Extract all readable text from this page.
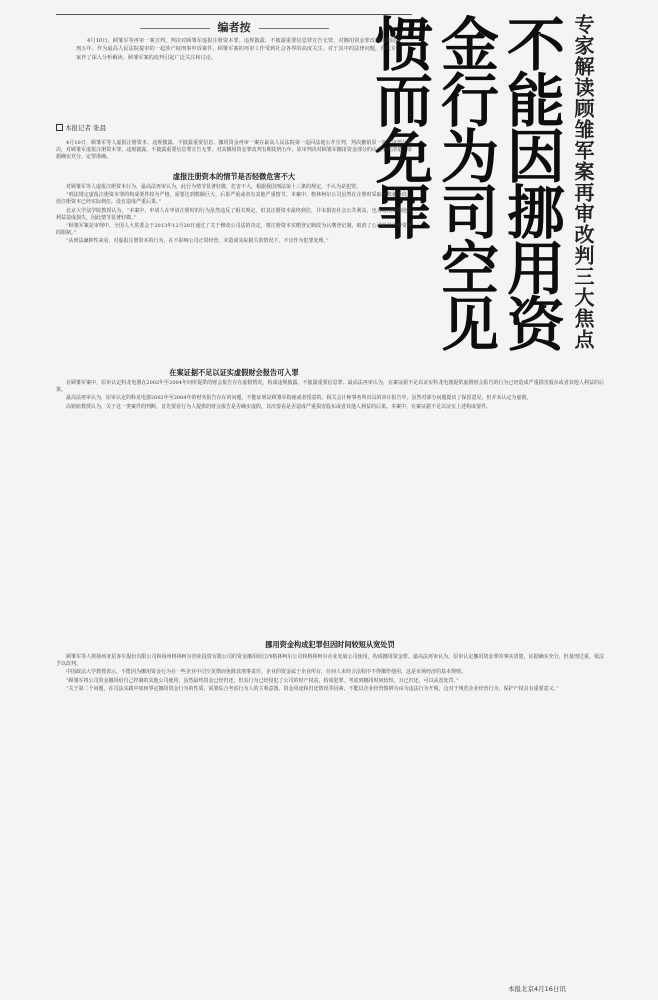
专家解读顾雏军案再审改判三大焦点
不能因挪用资金行为司空见惯而免罪
编者按
4月10日，顾雏军等再审一案宣判，判决对顾雏军虚报注册资本罪、违规披露、不披露重要信息罪宣告无罪，对挪用资金罪改判有期徒刑五年。作为最高人民法院提审的一起涉产权刑事申诉案件，顾雏军案的再审工作受到社会各界的高度关注。对于其中的法律问题，有关专家作了深入分析解读。顾雏军案的改判引起广泛关注和讨论。
本报记者 张晨

4月10日，顾雏军等人虚报注册资本、违规披露、不披露重要信息、挪用资金再审一案在最高人民法院第一巡回法庭公开宣判，判决撤销原一审二审部分判决，对顾雏军虚报注册资本罪、违规披露、不披露重要信息罪宣告无罪，对其挪用资金罪改判有期徒刑五年。原审判决对顾雏军挪用资金部分的认定事实清楚，证据确实充分，定罪准确。

虚报注册资本的情节是否轻微危害不大

对顾雏军等人虚报注册资本行为，最高法再审认为，此行为情节显著轻微，危害不大，根据我国刑法第十三条的规定，不认为是犯罪。

“刑法规定虚报注册资本罪的构成要件较为严格，需要达到数额巨大、后果严重或者有其他严重情节。本案中，格林柯尔公司虽然在注册时采取了欺骗手段，但注册资本已经实际到位，没有造成严重后果。”

北京大学法学院教授认为，“本案中，申请人在申请注册时的行为虽然违反了相关规定，但其注册资本最终到位，并未损害社会公共利益，也未给国家和他人利益造成损失，因此情节显著轻微。”

“顾雏军案是审理中，全国人大常委会于2013年12月28日通过了关于修改公司法的决定，将注册资本实缴登记制改为认缴登记制，取消了公司最低注册资本的限制。”

“从刑法谦抑性来看，对虚报注册资本的行为，在不影响公司正常经营、未造成实际损失的情况下，不宜作为犯罪处理。”

在案证据不足以证实虚假财会报告可入罪

在顾雏军案中，原审认定科龙电器在2002年至2004年间所提供的财会报告存在虚假情况，构成违规披露、不披露重要信息罪。最高法再审认为，在案证据不足以证实科龙电器提供虚假财会报告的行为已经造成严重损害股东或者其他人利益的后果。

最高法再审认为，原审认定的科龙电器2002年至2004年的财务报告存在的问题，不能证明是顾雏军指使或者授意的。相关会计师事务所出具的审计报告中，虽然对部分问题提出了保留意见，但并未认定为虚假。

高铭暄教授认为，关于这一类案件的判断，首先要看行为人提供的财会报告是否确实虚假，其次要看是否造成严重损害股东或者其他人利益的后果。本案中，在案证据不足以证实上述构成要件。

挪用资金构成犯罪但因时间较短从宽处罚

顾雏军等人将扬州亚星客车股份有限公司和扬州格林柯尔创业投资有限公司的资金挪用给江西格林柯尔公司和格林柯尔企业发展公司使用，构成挪用资金罪。最高法再审认为，原审认定挪用资金罪的事实清楚，证据确实充分，但量刑过重，依法予以改判。

中国政法大学教授表示，不能因为挪用资金行为在一些企业中司空见惯而免除其刑事责任。企业的资金属于企业所有，任何人未经合法程序不得挪作他用，这是市场经济的基本规则。

“顾雏军将公司资金挪用给自己控制的其他公司使用，虽然最终资金已经归还，但其行为已经侵犯了公司的财产权益，构成犯罪。考虑到挪用时间较短，且已归还，可以从宽处罚。”

“关于第二个问题，在司法实践中如何界定挪用资金行为的性质，需要综合考虑行为人的主观意图、资金用途和归还情况等因素。不能以企业经营惯例为由为违法行为开脱，这对于规范企业经营行为、保护产权具有重要意义。”

本报北京4月16日讯
